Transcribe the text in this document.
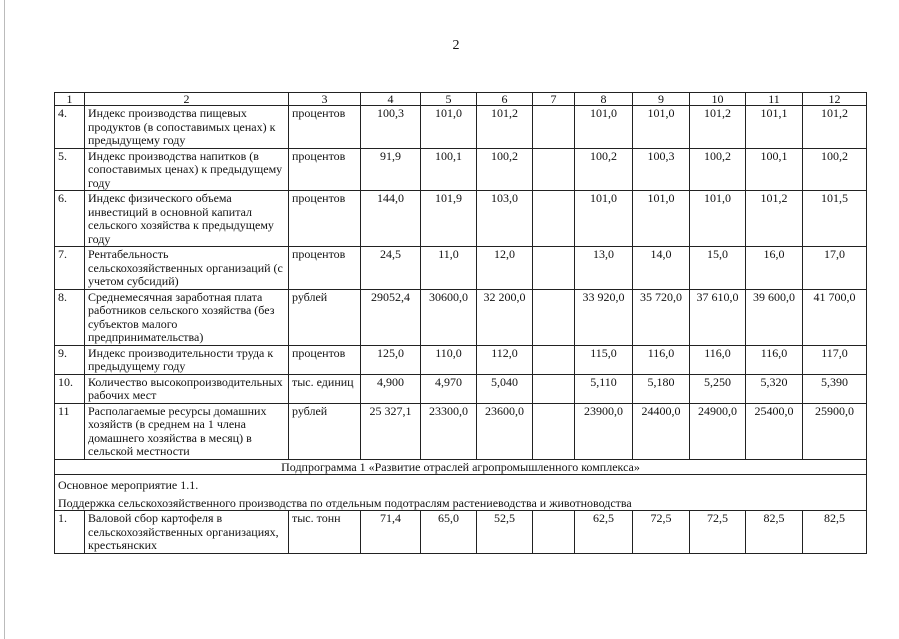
2
1	2	3	4	5	6	7	8	9	10	11	12
4.	Индекс производства пищевых продуктов (в сопоставимых ценах) к предыдущему году	процентов	100,3	101,0	101,2		101,0	101,0	101,2	101,1	101,2
5.	Индекс производства напитков (в сопоставимых ценах) к предыдущему году	процентов	91,9	100,1	100,2		100,2	100,3	100,2	100,1	100,2
6.	Индекс физического объема инвестиций в основной капитал сельского хозяйства к предыдущему году	процентов	144,0	101,9	103,0		101,0	101,0	101,0	101,2	101,5
7.	Рентабельность сельскохозяйственных организаций (с учетом субсидий)	процентов	24,5	11,0	12,0		13,0	14,0	15,0	16,0	17,0
8.	Среднемесячная заработная плата работников сельского хозяйства (без субъектов малого предпринимательства)	рублей	29052,4	30600,0	32 200,0		33 920,0	35 720,0	37 610,0	39 600,0	41 700,0
9.	Индекс производительности труда к предыдущему году	процентов	125,0	110,0	112,0		115,0	116,0	116,0	116,0	117,0
10.	Количество высокопроизводительных рабочих мест	тыс. единиц	4,900	4,970	5,040		5,110	5,180	5,250	5,320	5,390
11	Располагаемые ресурсы домашних хозяйств (в среднем на 1 члена домашнего хозяйства в месяц) в сельской местности	рублей	25 327,1	23300,0	23600,0		23900,0	24400,0	24900,0	25400,0	25900,0
Подпрограмма 1 «Развитие отраслей агропромышленного комплекса»											

Основное мероприятие 1.1.
Поддержка сельскохозяйственного производства по отдельным подотраслям растениеводства и животноводства											

1.	Валовой сбор картофеля в сельскохозяйственных организациях, крестьянских	тыс. тонн	71,4	65,0	52,5		62,5	72,5	72,5	82,5	82,5
